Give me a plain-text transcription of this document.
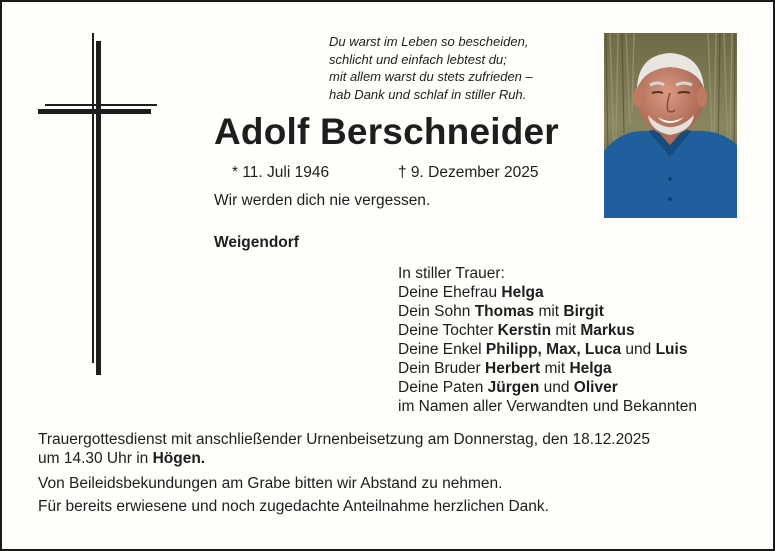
Du warst im Leben so bescheiden,
schlicht und einfach lebtest du;
mit allem warst du stets zufrieden –
hab Dank und schlaf in stiller Ruh.
Adolf Berschneider
* 11. Juli 1946	† 9. Dezember 2025
Wir werden dich nie vergessen.
Weigendorf
In stiller Trauer:
Deine Ehefrau Helga
Dein Sohn Thomas mit Birgit
Deine Tochter Kerstin mit Markus
Deine Enkel Philipp, Max, Luca und Luis
Dein Bruder Herbert mit Helga
Deine Paten Jürgen und Oliver
im Namen aller Verwandten und Bekannten
Trauergottesdienst mit anschließender Urnenbeisetzung am Donnerstag, den 18.12.2025
um 14.30 Uhr in Högen.
Von Beileidsbekundungen am Grabe bitten wir Abstand zu nehmen.
Für bereits erwiesene und noch zugedachte Anteilnahme herzlichen Dank.
